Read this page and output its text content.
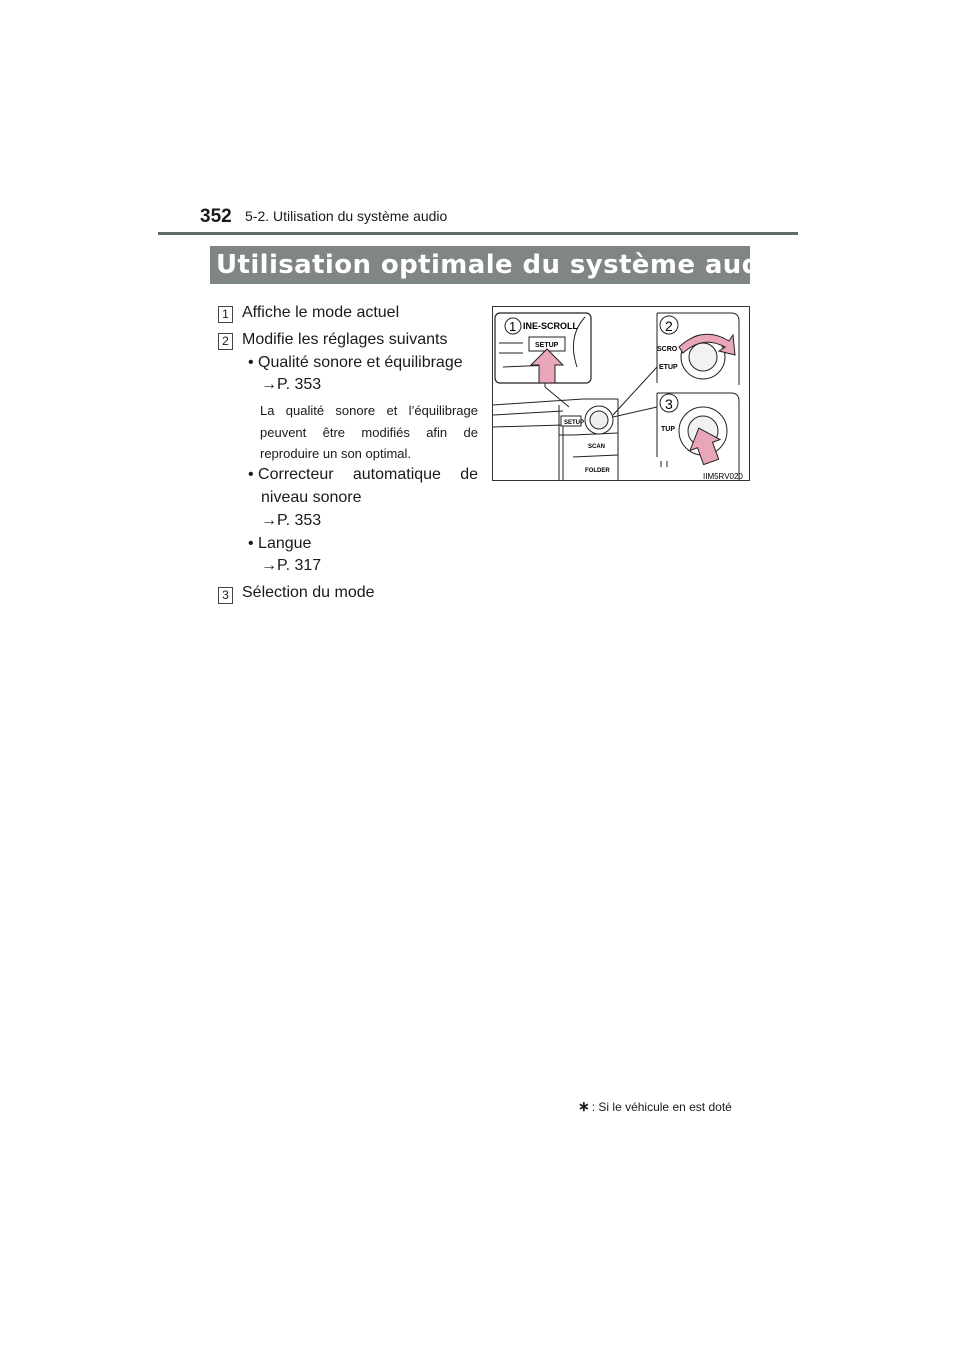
352 5-2. Utilisation du système audio
Utilisation optimale du système audio ∗
1 Affiche le mode actuel
2 Modifie les réglages suivants
• Qualité sonore et équilibrage
→P. 353
La qualité sonore et l’équilibrage peuvent être modifiés afin de reproduire un son optimal.
• Correcteur automatique de
niveau sonore
→P. 353
• Langue
→P. 317
3 Sélection du mode
SETUP
SCAN
FOLDER
1 INE-SCROLL
SETUP
2
SCRO
ETUP
3
TUP
IIM5RV020
∗ : Si le véhicule en est doté
